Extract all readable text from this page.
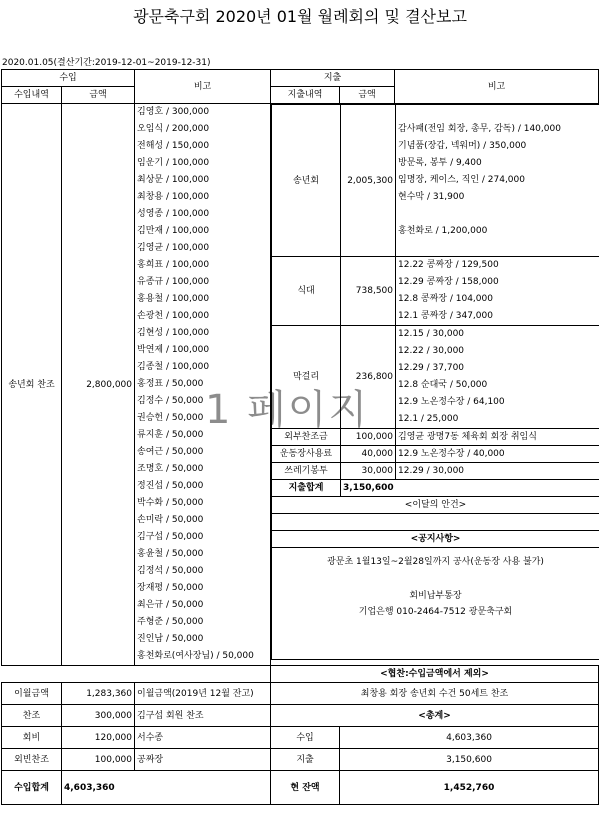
광문축구회 2020년 01월 월례회의 및 결산보고
2020.01.05(결산기간:2019-12-01~2019-12-31)
수입	비고	지출	비고
수입내역	금액	지출내역	금액
송년회 찬조	2,800,000	
김영호 / 300,000
오임식 / 200,000
전해성 / 150,000
임운기 / 100,000
최상문 / 100,000
최창용 / 100,000
성영종 / 100,000
김만재 / 100,000
김영균 / 100,000
홍희표 / 100,000
유종규 / 100,000
홍용철 / 100,000
손광천 / 100,000
김현성 / 100,000
박연제 / 100,000
김종철 / 100,000
홍정표 / 50,000
김정수 / 50,000
권승헌 / 50,000
류지훈 / 50,000
송여근 / 50,000
조명호 / 50,000
정진섭 / 50,000
박수화 / 50,000
손미락 / 50,000
김구섭 / 50,000
홍윤철 / 50,000
김정석 / 50,000
장재평 / 50,000
최은규 / 50,000
주형준 / 50,000
진인남 / 50,000
홍천화로(여사장님) / 50,000

송년회	2,005,300	
감사패(전임 회장, 총무, 감독) / 140,000
기념품(장갑, 넥워머) / 350,000
방문록, 봉투 / 9,400
임명장, 케이스, 직인 / 274,000
현수막 / 31,900
홍천화로 / 1,200,000

식대	738,500	
12.22 콩짜장 / 129,500
12.29 콩짜장 / 158,000
12.8 콩짜장 / 104,000
12.1 콩짜장 / 347,000

막걸리	236,800	
12.15 / 30,000
12.22 / 30,000
12.29 / 37,700
12.8 순대국 / 50,000
12.9 노온정수장 / 64,100
12.1 / 25,000

외부찬조금	100,000	김영균 광명7동 체육회 회장 취임식
운동장사용료	40,000	12.9 노온정수장 / 40,000
쓰레기봉투	30,000	12.29 / 30,000
지출합계	3,150,600
<이달의 안건>

<공지사항>

광문초 1월13일~2월28일까지 공사(운동장 사용 불가)
회비납부통장
기업은행 010-2464-7512 광문축구회

	<협찬:수입금액에서 제외>
이월금액	1,283,360	이월금액(2019년 12월 잔고)	최창용 회장 송년회 수건 50세트 찬조
찬조	300,000	김구섭 회원 찬조	<총계>
회비	120,000	서수종	수입	4,603,360
외빈찬조	100,000	공짜장	지출	3,150,600
수입합계	4,603,360	현 잔액	1,452,760
1 페이지
